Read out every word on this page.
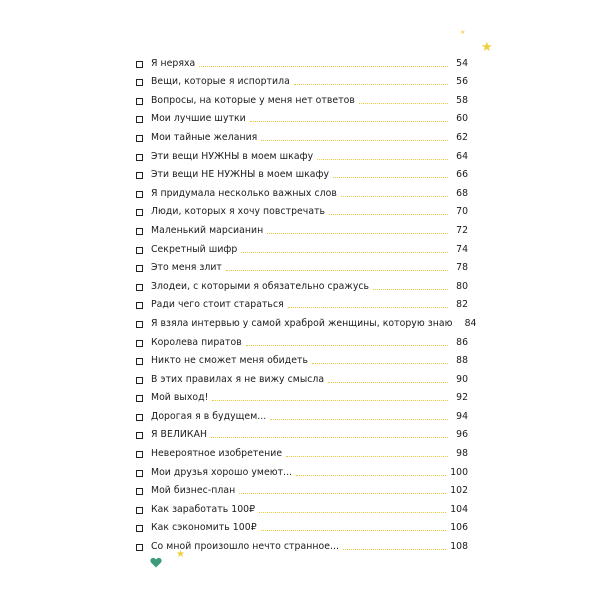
★
★
★
Я неряха	54
Вещи, которые я испортила	56
Вопросы, на которые у меня нет ответов	58
Мои лучшие шутки	60
Мои тайные желания	62
Эти вещи НУЖНЫ в моем шкафу	64
Эти вещи НЕ НУЖНЫ в моем шкафу	66
Я придумала несколько важных слов	68
Люди, которых я хочу повстречать	70
Маленький марсианин	72
Секретный шифр	74
Это меня злит	78
Злодеи, с которыми я обязательно сражусь	80
Ради чего стоит стараться	82
Я взяла интервью у самой храброй женщины, которую знаю	84
Королева пиратов	86
Никто не сможет меня обидеть	88
В этих правилах я не вижу смысла	90
Мой выход!	92
Дорогая я в будущем...	94
Я ВЕЛИКАН	96
Невероятное изобретение	98
Мои друзья хорошо умеют...	100
Мой бизнес-план	102
Как заработать 100₽	104
Как сэкономить 100₽	106
Со мной произошло нечто странное...	108
